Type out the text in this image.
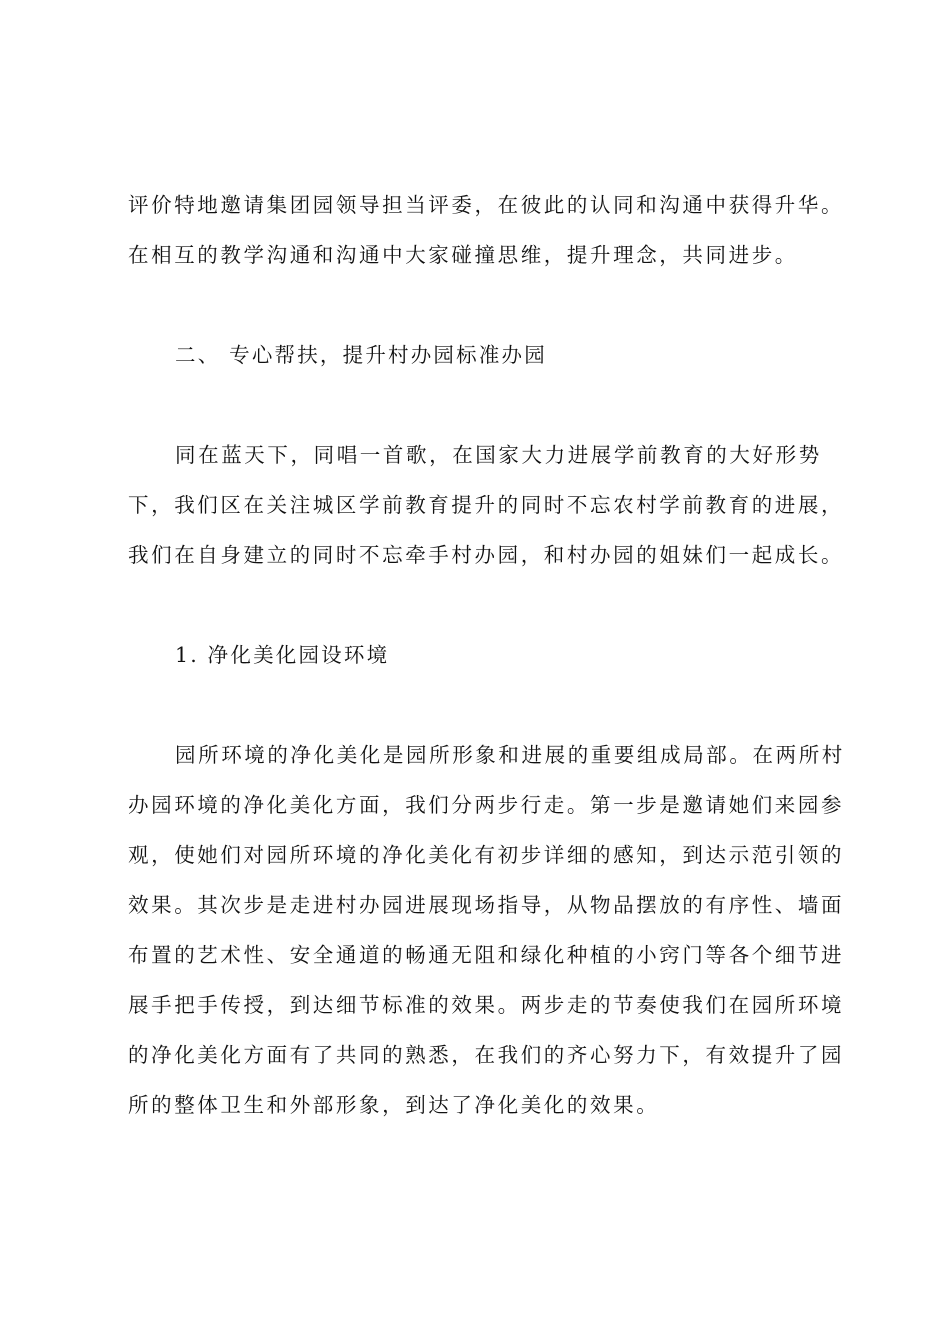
评价特地邀请集团园领导担当评委，在彼此的认同和沟通中获得升华。
在相互的教学沟通和沟通中大家碰撞思维，提升理念，共同进步。
二、 专心帮扶，提升村办园标准办园
同在蓝天下，同唱一首歌，在国家大力进展学前教育的大好形势
下，我们区在关注城区学前教育提升的同时不忘农村学前教育的进展，
我们在自身建立的同时不忘牵手村办园，和村办园的姐妹们一起成长。
1. 净化美化园设环境
园所环境的净化美化是园所形象和进展的重要组成局部。在两所村
办园环境的净化美化方面，我们分两步行走。第一步是邀请她们来园参
观，使她们对园所环境的净化美化有初步详细的感知，到达示范引领的
效果。其次步是走进村办园进展现场指导，从物品摆放的有序性、墙面
布置的艺术性、安全通道的畅通无阻和绿化种植的小窍门等各个细节进
展手把手传授，到达细节标准的效果。两步走的节奏使我们在园所环境
的净化美化方面有了共同的熟悉，在我们的齐心努力下，有效提升了园
所的整体卫生和外部形象，到达了净化美化的效果。
